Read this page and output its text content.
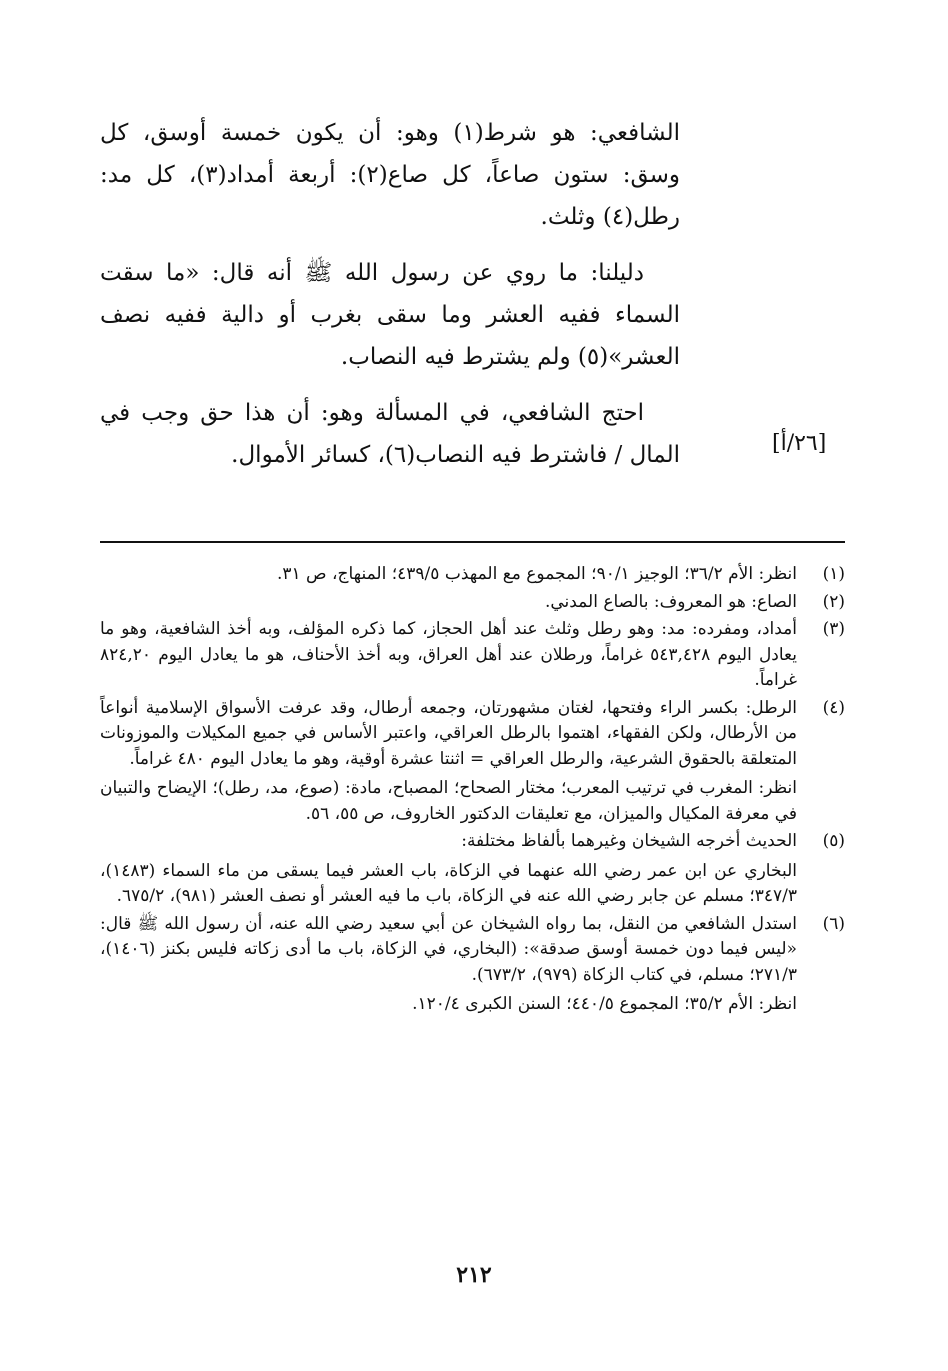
الشافعي: هو شرط(١) وهو: أن يكون خمسة أوسق، كل وسق: ستون صاعاً، كل صاع(٢): أربعة أمداد(٣)، كل مد: رطل(٤) وثلث.

دليلنا: ما روي عن رسول الله ﷺ أنه قال: «ما سقت السماء ففيه العشر وما سقى بغرب أو دالية ففيه نصف العشر»(٥) ولم يشترط فيه النصاب.

احتج الشافعي، في المسألة وهو: أن هذا حق وجب في المال / فاشترط فيه النصاب(٦)، كسائر الأموال.	[٢٦/أ]
(١)

انظر: الأم ٣٦/٢؛ الوجيز ٩٠/١؛ المجموع مع المهذب ٤٣٩/٥؛ المنهاج، ص ٣١.

(٢)

الصاع: هو المعروف: بالصاع المدني.

(٣)

أمداد، ومفرده: مد: وهو رطل وثلث عند أهل الحجاز، كما ذكره المؤلف، وبه أخذ الشافعية، وهو ما يعادل اليوم ٥٤٣,٤٢٨ غراماً، ورطلان عند أهل العراق، وبه أخذ الأحناف، هو ما يعادل اليوم ٨٢٤,٢٠ غراماً.

(٤)

الرطل: بكسر الراء وفتحها، لغتان مشهورتان، وجمعه أرطال، وقد عرفت الأسواق الإسلامية أنواعاً من الأرطال، ولكن الفقهاء، اهتموا بالرطل العراقي، واعتبر الأساس في جميع المكيلات والموزونات المتعلقة بالحقوق الشرعية، والرطل العراقي = اثنتا عشرة أوقية، وهو ما يعادل اليوم ٤٨٠ غراماً.

انظر: المغرب في ترتيب المعرب؛ مختار الصحاح؛ المصباح، مادة: (صوع، مد، رطل)؛ الإيضاح والتبيان في معرفة المكيال والميزان، مع تعليقات الدكتور الخاروف، ص ٥٥، ٥٦.

(٥)

الحديث أخرجه الشيخان وغيرهما بألفاظ مختلفة:

البخاري عن ابن عمر رضي الله عنهما في الزكاة، باب العشر فيما يسقى من ماء السماء (١٤٨٣)، ٣٤٧/٣؛ مسلم عن جابر رضي الله عنه في الزكاة، باب ما فيه العشر أو نصف العشر (٩٨١)، ٦٧٥/٢.

(٦)

استدل الشافعي من النقل، بما رواه الشيخان عن أبي سعيد رضي الله عنه، أن رسول الله ﷺ قال: «ليس فيما دون خمسة أوسق صدقة»: (البخاري، في الزكاة، باب ما أدى زكاته فليس بكنز (١٤٠٦)، ٢٧١/٣؛ مسلم، في كتاب الزكاة (٩٧٩)، ٦٧٣/٢).

انظر: الأم ٣٥/٢؛ المجموع ٤٤٠/٥؛ السنن الكبرى ١٢٠/٤.

٢١٢
